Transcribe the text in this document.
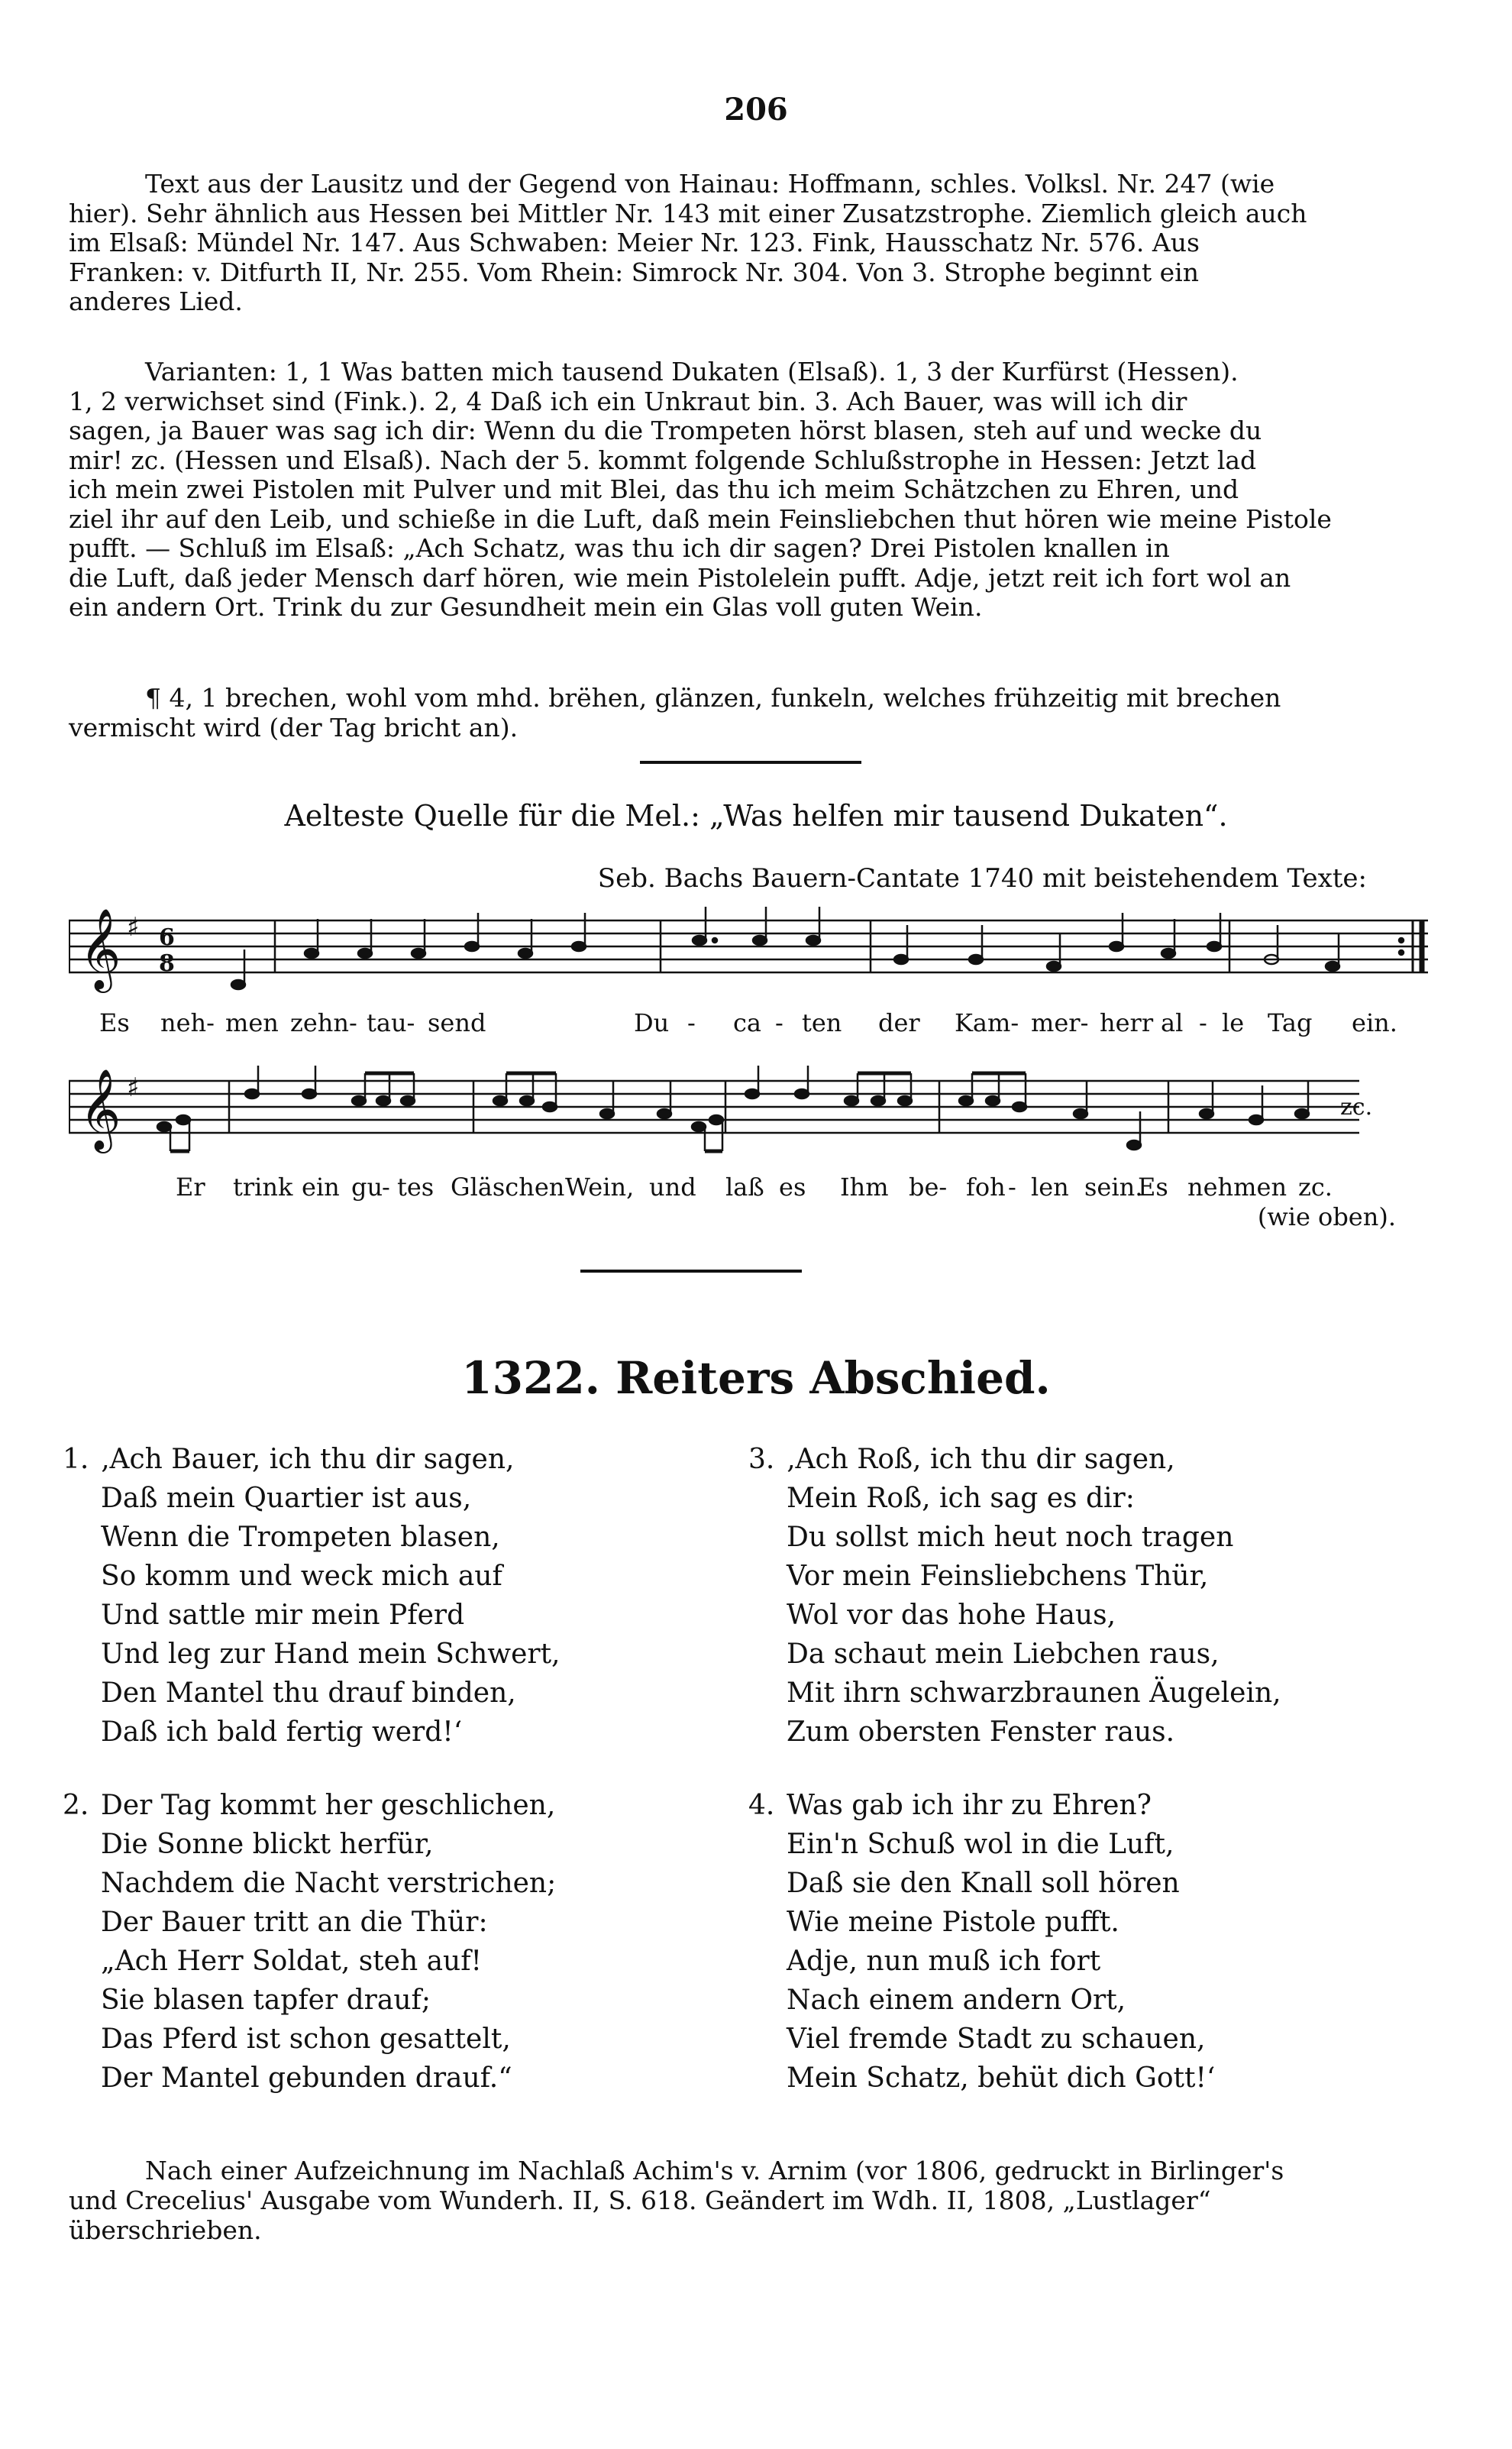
206
Text aus der Lausitz und der Gegend von Hainau: Hoffmann, schles. Volksl. Nr. 247 (wie
hier). Sehr ähnlich aus Hessen bei Mittler Nr. 143 mit einer Zusatzstrophe. Ziemlich gleich auch
im Elsaß: Mündel Nr. 147. Aus Schwaben: Meier Nr. 123. Fink, Hausschatz Nr. 576. Aus
Franken: v. Ditfurth II, Nr. 255. Vom Rhein: Simrock Nr. 304. Von 3. Strophe beginnt ein
anderes Lied.
Varianten: 1, 1 Was batten mich tausend Dukaten (Elsaß). 1, 3 der Kurfürst (Hessen).
1, 2 verwichset sind (Fink.). 2, 4 Daß ich ein Unkraut bin. 3. Ach Bauer, was will ich dir
sagen, ja Bauer was sag ich dir: Wenn du die Trompeten hörst blasen, steh auf und wecke du
mir! zc. (Hessen und Elsaß). Nach der 5. kommt folgende Schlußstrophe in Hessen: Jetzt lad
ich mein zwei Pistolen mit Pulver und mit Blei, das thu ich meim Schätzchen zu Ehren, und
ziel ihr auf den Leib, und schieße in die Luft, daß mein Feinsliebchen thut hören wie meine Pistole
pufft. — Schluß im Elsaß: „Ach Schatz, was thu ich dir sagen? Drei Pistolen knallen in
die Luft, daß jeder Mensch darf hören, wie mein Pistolelein pufft. Adje, jetzt reit ich fort wol an
ein andern Ort. Trink du zur Gesundheit mein ein Glas voll guten Wein.
¶ 4, 1 brechen, wohl vom mhd. brëhen, glänzen, funkeln, welches frühzeitig mit brechen
vermischt wird (der Tag bricht an).
Aelteste Quelle für die Mel.: „Was helfen mir tausend Dukaten“.
Seb. Bachs Bauern-Cantate 1740 mit beistehendem Texte:
𝄞 ♯ 6
8
Es neh- men zehn- tau- send	Du - ca - ten der Kam- mer- herr al - le Tag ein.
𝄞 ♯
zc.
Er trink ein gu
- tes Gläschen Wein, und laß es Ihm be- foh - len sein.
Es nehmen zc.
(wie oben).
1322. Reiters Abschied.
1. ‚Ach Bauer, ich thu dir sagen,
Daß mein Quartier ist aus,
Wenn die Trompeten blasen,
So komm und weck mich auf
Und sattle mir mein Pferd
Und leg zur Hand mein Schwert,
Den Mantel thu drauf binden,
Daß ich bald fertig werd!‘
2. Der Tag kommt her geschlichen,
Die Sonne blickt herfür,
Nachdem die Nacht verstrichen;
Der Bauer tritt an die Thür:
„Ach Herr Soldat, steh auf!
Sie blasen tapfer drauf;
Das Pferd ist schon gesattelt,
Der Mantel gebunden drauf.“
3. ‚Ach Roß, ich thu dir sagen,
Mein Roß, ich sag es dir:
Du sollst mich heut noch tragen
Vor mein Feinsliebchens Thür,
Wol vor das hohe Haus,
Da schaut mein Liebchen raus,
Mit ihrn schwarzbraunen Äugelein,
Zum obersten Fenster raus.
4. Was gab ich ihr zu Ehren?
Ein'n Schuß wol in die Luft,
Daß sie den Knall soll hören
Wie meine Pistole pufft.
Adje, nun muß ich fort
Nach einem andern Ort,
Viel fremde Stadt zu schauen,
Mein Schatz, behüt dich Gott!‘
Nach einer Aufzeichnung im Nachlaß Achim's v. Arnim (vor 1806, gedruckt in Birlinger's
und Crecelius' Ausgabe vom Wunderh. II, S. 618. Geändert im Wdh. II, 1808, „Lustlager“
überschrieben.
